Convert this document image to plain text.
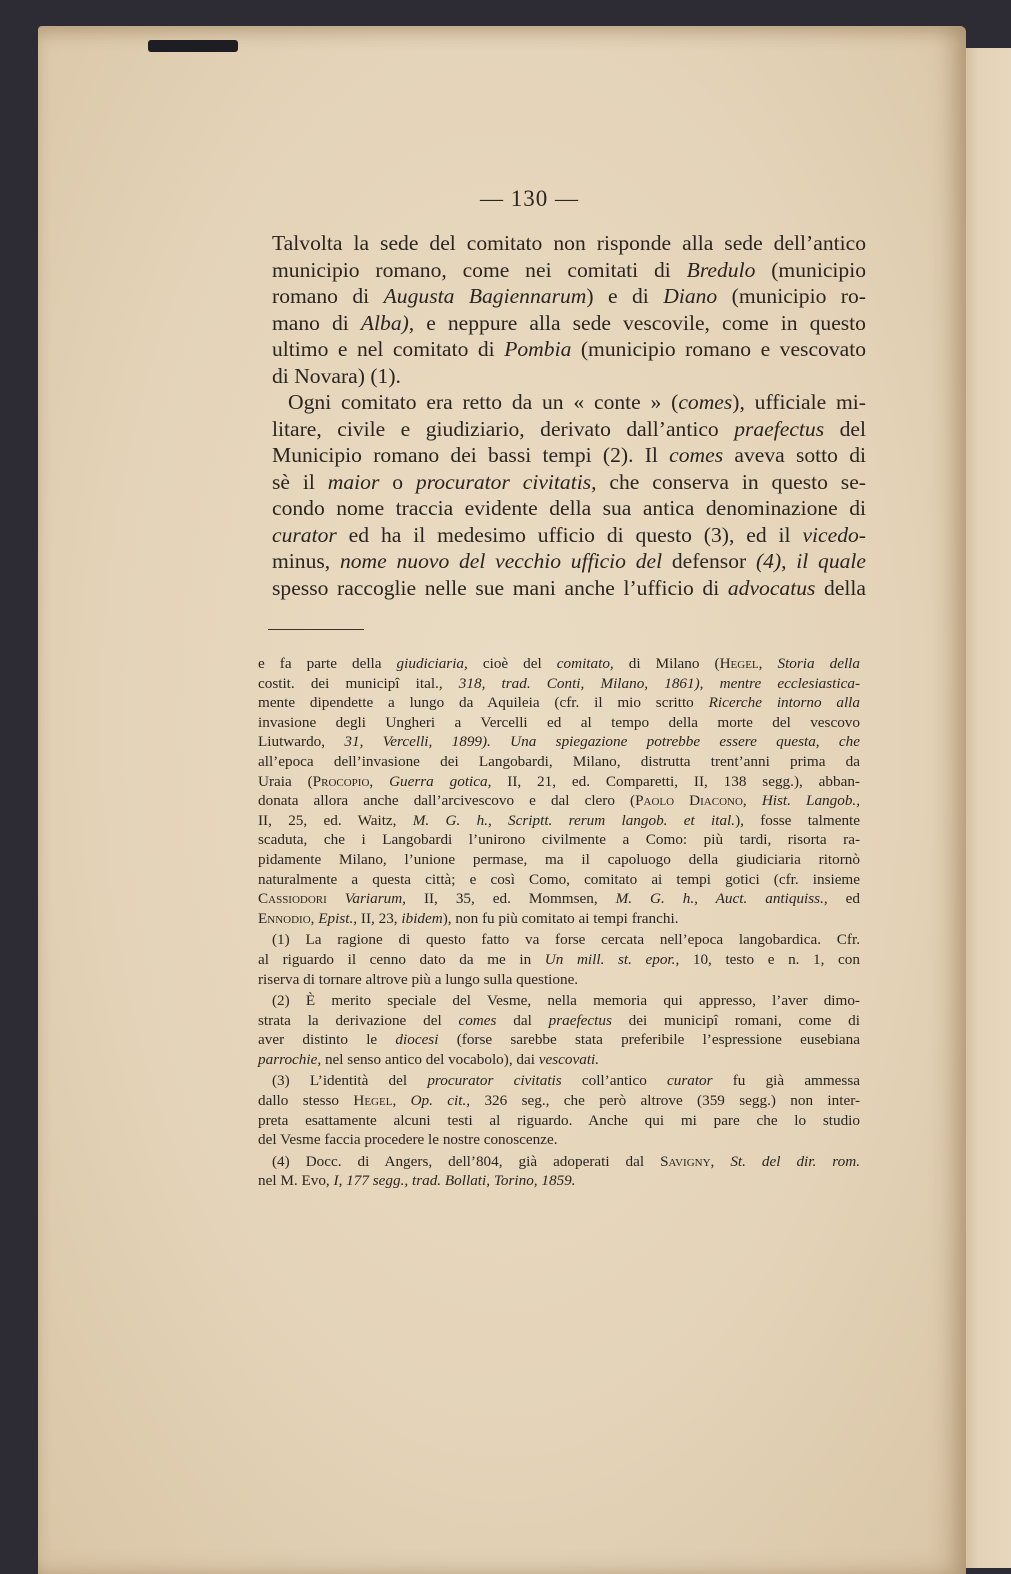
— 130 —
Talvolta la sede del comitato non risponde alla sede dell’antico
municipio romano, come nei comitati di Bredulo (municipio
romano di Augusta Bagiennarum) e di Diano (municipio ro-
mano di Alba), e neppure alla sede vescovile, come in questo
ultimo e nel comitato di Pombia (municipio romano e vescovato
di Novara) (1).
Ogni comitato era retto da un « conte » (comes), ufficiale mi-
litare, civile e giudiziario, derivato dall’antico praefectus del
Municipio romano dei bassi tempi (2). Il comes aveva sotto di
sè il maior o procurator civitatis, che conserva in questo se-
condo nome traccia evidente della sua antica denominazione di
curator ed ha il medesimo ufficio di questo (3), ed il vicedo-
minus, nome nuovo del vecchio ufficio del defensor (4), il quale
spesso raccoglie nelle sue mani anche l’ufficio di advocatus della
e fa parte della giudiciaria, cioè del comitato, di Milano (Hegel, Storia della
costit. dei municipî ital., 318, trad. Conti, Milano, 1861), mentre ecclesiastica-
mente dipendette a lungo da Aquileia (cfr. il mio scritto Ricerche intorno alla
invasione degli Ungheri a Vercelli ed al tempo della morte del vescovo
Liutwardo, 31, Vercelli, 1899). Una spiegazione potrebbe essere questa, che
all’epoca dell’invasione dei Langobardi, Milano, distrutta trent’anni prima da
Uraia (Procopio, Guerra gotica, II, 21, ed. Comparetti, II, 138 segg.), abban-
donata allora anche dall’arcivescovo e dal clero (Paolo Diacono, Hist. Langob.,
II, 25, ed. Waitz, M. G. h., Scriptt. rerum langob. et ital.), fosse talmente
scaduta, che i Langobardi l’unirono civilmente a Como: più tardi, risorta ra-
pidamente Milano, l’unione permase, ma il capoluogo della giudiciaria ritornò
naturalmente a questa città; e così Como, comitato ai tempi gotici (cfr. insieme
Cassiodori Variarum, II, 35, ed. Mommsen, M. G. h., Auct. antiquiss., ed
Ennodio, Epist., II, 23, ibidem), non fu più comitato ai tempi franchi.
(1) La ragione di questo fatto va forse cercata nell’epoca langobardica. Cfr.
al riguardo il cenno dato da me in Un mill. st. epor., 10, testo e n. 1, con
riserva di tornare altrove più a lungo sulla questione.
(2) È merito speciale del Vesme, nella memoria qui appresso, l’aver dimo-
strata la derivazione del comes dal praefectus dei municipî romani, come di
aver distinto le diocesi (forse sarebbe stata preferibile l’espressione eusebiana
parrochie, nel senso antico del vocabolo), dai vescovati.
(3) L’identità del procurator civitatis coll’antico curator fu già ammessa
dallo stesso Hegel, Op. cit., 326 seg., che però altrove (359 segg.) non inter-
preta esattamente alcuni testi al riguardo. Anche qui mi pare che lo studio
del Vesme faccia procedere le nostre conoscenze.
(4) Docc. di Angers, dell’804, già adoperati dal Savigny, St. del dir. rom.
nel M. Evo, I, 177 segg., trad. Bollati, Torino, 1859.
